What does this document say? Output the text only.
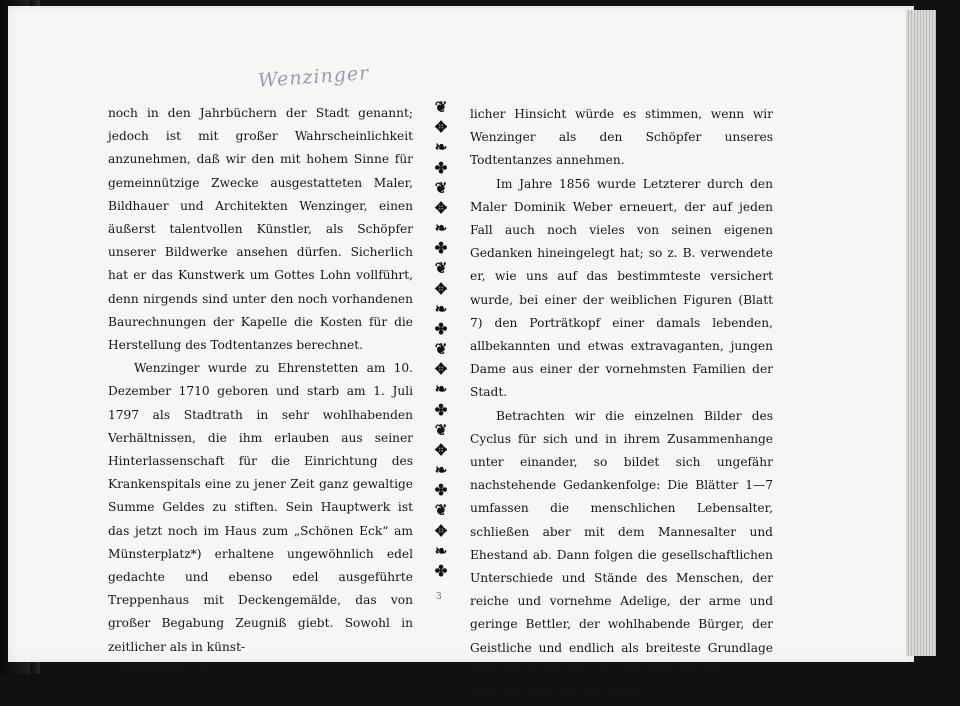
Wenzinger

noch in den Jahrbüchern der Stadt genannt; jedoch ist mit großer Wahrscheinlichkeit anzunehmen, daß wir den mit hohem Sinne für gemeinnützige Zwecke ausgestatteten Maler, Bildhauer und Architekten Wenzinger, einen äußerst talentvollen Künstler, als Schöpfer unserer Bildwerke ansehen dürfen. Sicherlich hat er das Kunstwerk um Gottes Lohn vollführt, denn nirgends sind unter den noch vorhandenen Baurechnungen der Kapelle die Kosten für die Herstellung des Todtentanzes berechnet.

Wenzinger wurde zu Ehrenstetten am 10. Dezember 1710 geboren und starb am 1. Juli 1797 als Stadtrath in sehr wohlhabenden Verhältnissen, die ihm erlauben aus seiner Hinterlassenschaft für die Einrichtung des Krankenspitals eine zu jener Zeit ganz gewaltige Summe Geldes zu stiften. Sein Hauptwerk ist das jetzt noch im Haus zum „Schönen Eck“ am Münsterplatz*) erhaltene ungewöhnlich edel gedachte und ebenso edel ausgeführte Treppenhaus mit Deckengemälde, das von großer Begabung Zeugniß giebt. Sowohl in zeitlicher als in künst-

*) Münsterplatz 30.

❦
✥
❧
✤
❦
✥
❧
✤
❦
✥
❧
✤
❦
✥
❧
✤
❦
✥
❧
✤
❦
✥
❧
✤

licher Hinsicht würde es stimmen, wenn wir Wenzinger als den Schöpfer unseres Todtentanzes annehmen.

Im Jahre 1856 wurde Letzterer durch den Maler Dominik Weber erneuert, der auf jeden Fall auch noch vieles von seinen eigenen Gedanken hineingelegt hat; so z. B. verwendete er, wie uns auf das bestimmteste versichert wurde, bei einer der weiblichen Figuren (Blatt 7) den Porträtkopf einer damals lebenden, allbekannten und etwas extravaganten, jungen Dame aus einer der vornehmsten Familien der Stadt.

Betrachten wir die einzelnen Bilder des Cyclus für sich und in ihrem Zusammenhange unter einander, so bildet sich ungefähr nachstehende Gedankenfolge: Die Blätter 1—7 umfassen die menschlichen Lebensalter, schließen aber mit dem Mannesalter und Ehestand ab. Dann folgen die gesellschaftlichen Unterschiede und Stände des Menschen, der reiche und vornehme Adelige, der arme und geringe Bettler, der wohlhabende Bürger, der Geistliche und endlich als breiteste Grundlage aller menschlichen Gesellschaft der Bauer, von dem die anderen alle leben.

3
